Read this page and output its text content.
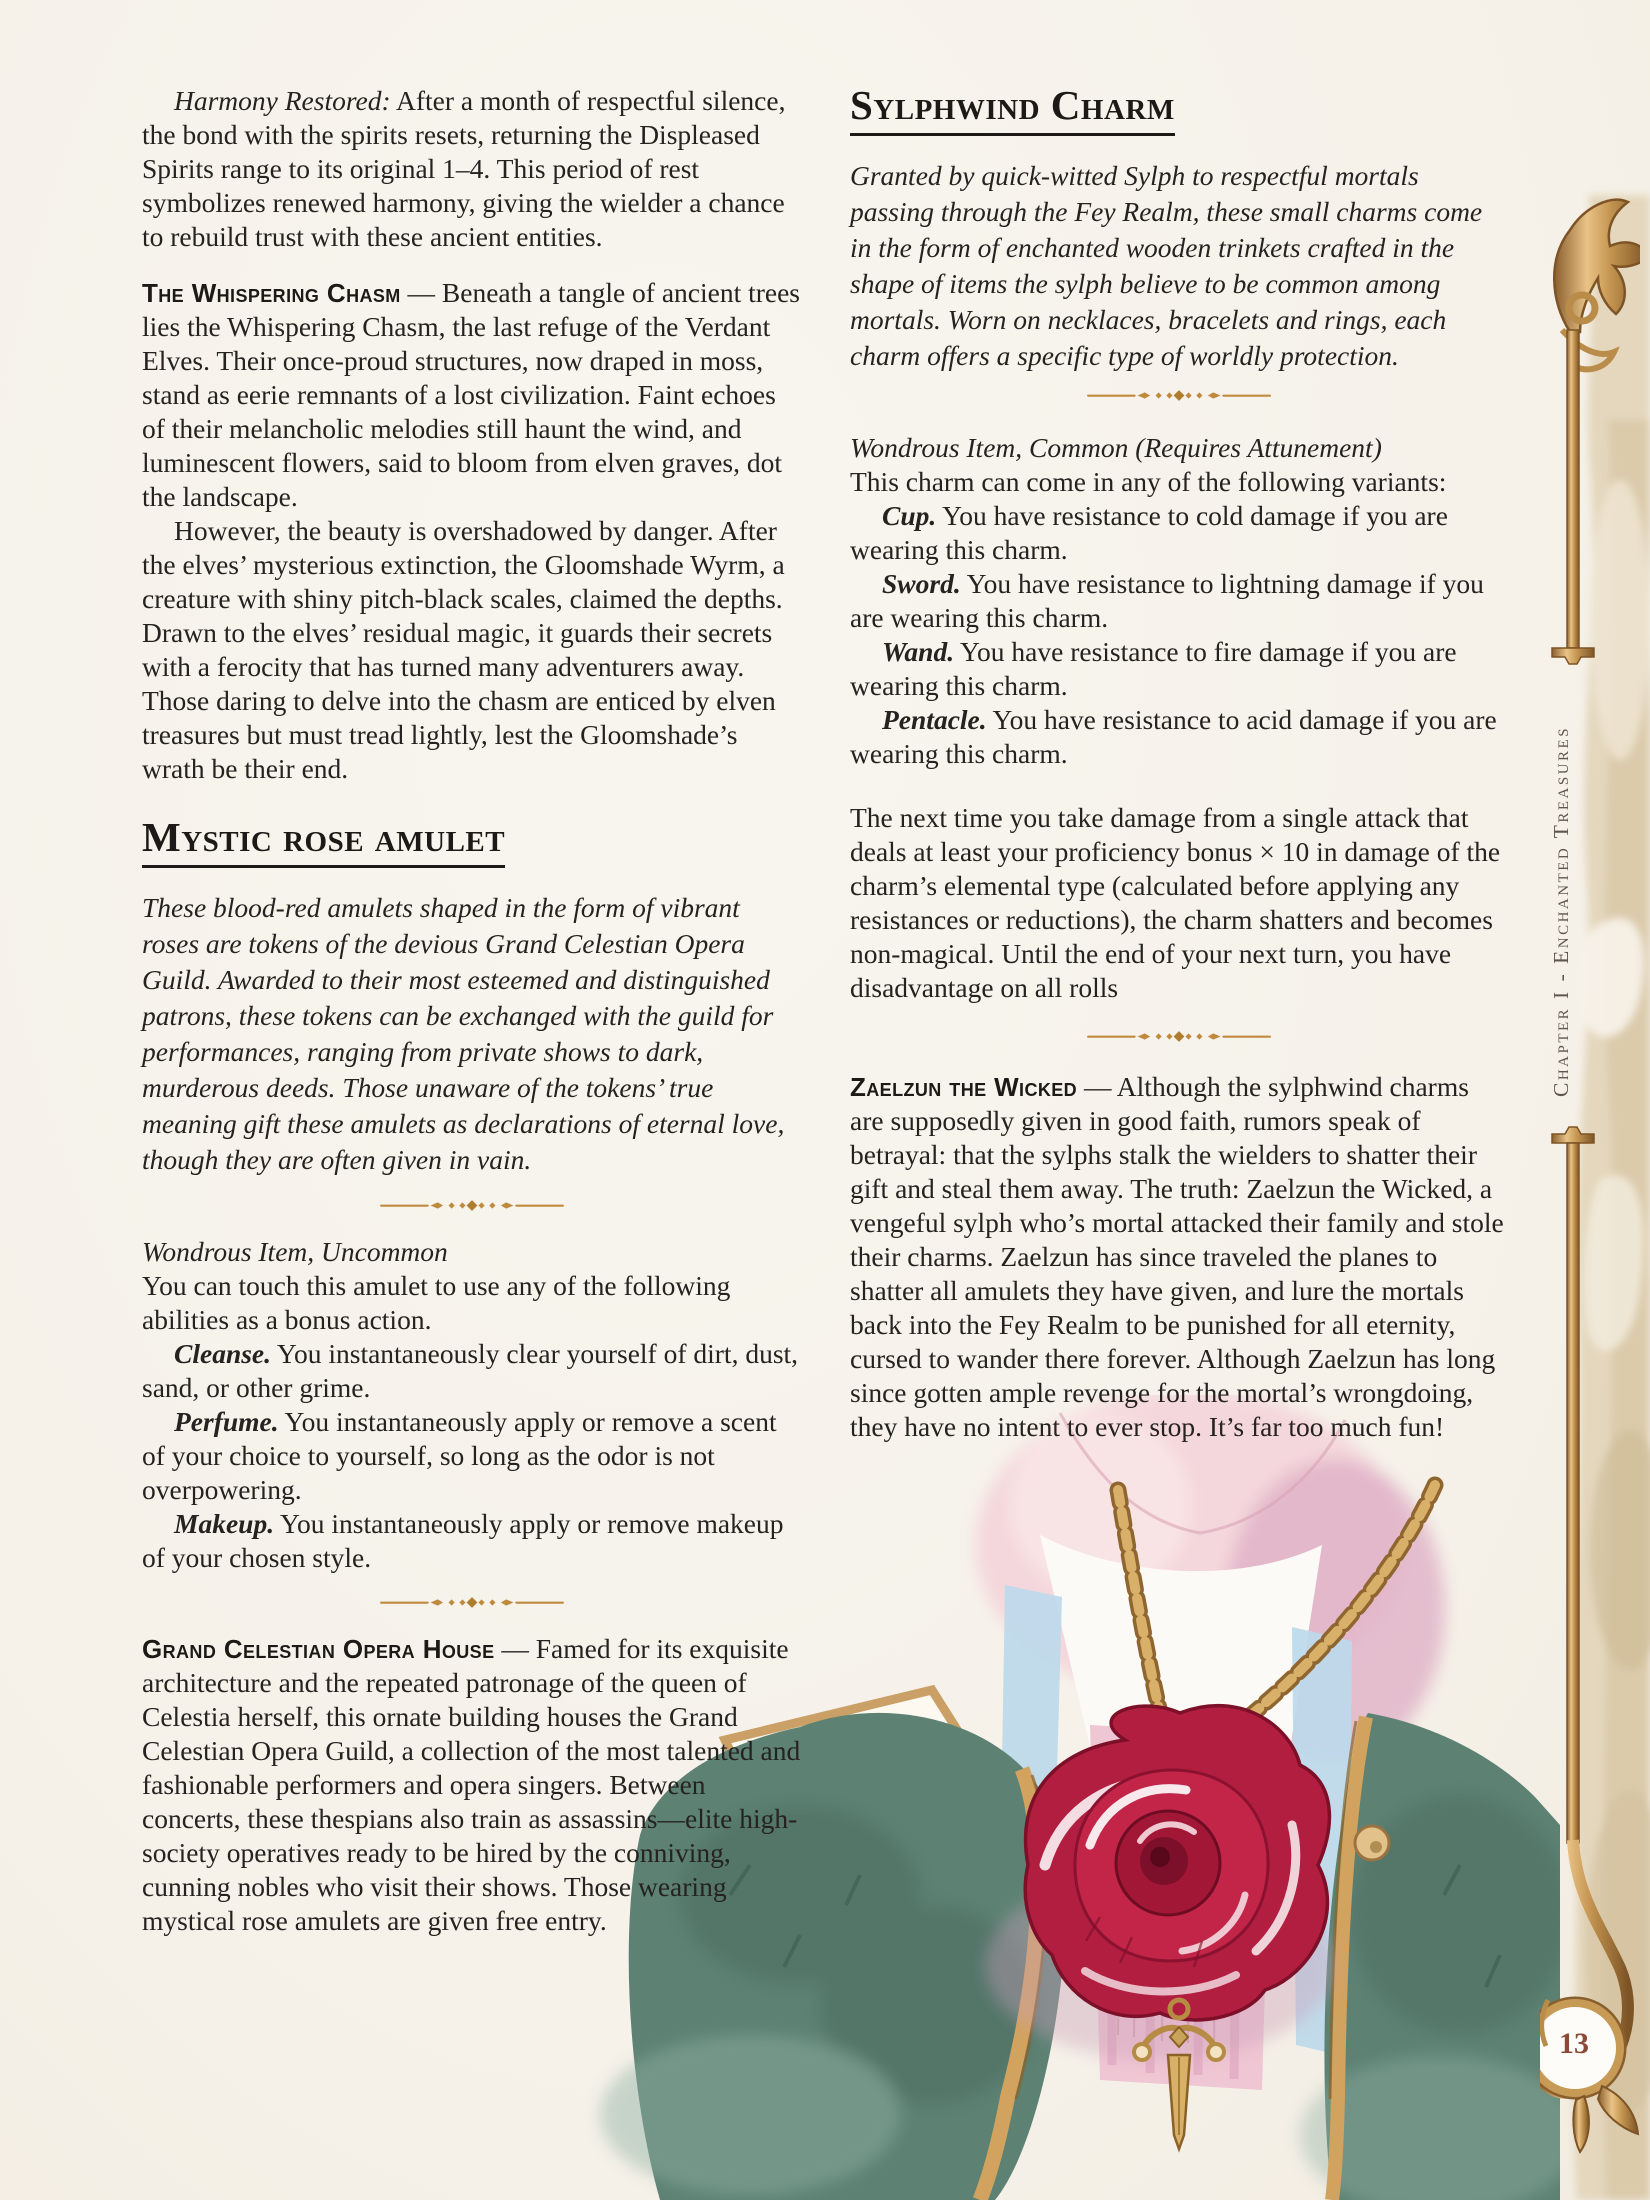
Chapter I - Enchanted Treasures
13

Harmony Restored: After a month of respectful silence, the bond with the spirits resets, returning the Displeased Spirits range to its original 1–4. This period of rest symbolizes renewed harmony, giving the wielder a chance to rebuild trust with these ancient entities.

The Whispering Chasm — Beneath a tangle of ancient trees lies the Whispering Chasm, the last refuge of the Verdant Elves. Their once-proud structures, now draped in moss, stand as eerie remnants of a lost civilization. Faint echoes of their melancholic melodies still haunt the wind, and luminescent flowers, said to bloom from elven graves, dot the landscape.

However, the beauty is overshadowed by danger. After the elves’ mysterious extinction, the Gloomshade Wyrm, a creature with shiny pitch-black scales, claimed the depths. Drawn to the elves’ residual magic, it guards their secrets with a ferocity that has turned many adventurers away. Those daring to delve into the chasm are enticed by elven treasures but must tread lightly, lest the Gloomshade’s wrath be their end.

Mystic rose amulet

These blood-red amulets shaped in the form of vibrant roses are tokens of the devious Grand Celestian Opera Guild. Awarded to their most esteemed and distinguished patrons, these tokens can be exchanged with the guild for performances, ranging from private shows to dark, murderous deeds. Those unaware of the tokens’ true meaning gift these amulets as declarations of eternal love, though they are often given in vain.

Wondrous Item, Uncommon

You can touch this amulet to use any of the following abilities as a bonus action.

Cleanse. You instantaneously clear yourself of dirt, dust, sand, or other grime.

Perfume. You instantaneously apply or remove a scent of your choice to yourself, so long as the odor is not overpowering.

Makeup. You instantaneously apply or remove makeup of your chosen style.

Grand Celestian Opera House — Famed for its exquisite architecture and the repeated patronage of the queen of Celestia herself, this ornate building houses the Grand Celestian Opera Guild, a collection of the most talented and fashionable performers and opera singers. Between concerts, these thespians also train as assassins—elite high-society operatives ready to be hired by the conniving, cunning nobles who visit their shows. Those wearing mystical rose amulets are given free entry.

Sylphwind Charm

Granted by quick-witted Sylph to respectful mortals passing through the Fey Realm, these small charms come in the form of enchanted wooden trinkets crafted in the shape of items the sylph believe to be common among mortals. Worn on necklaces, bracelets and rings, each charm offers a specific type of worldly protection.

Wondrous Item, Common (Requires Attunement)

This charm can come in any of the following variants:

Cup. You have resistance to cold damage if you are wearing this charm.

Sword. You have resistance to lightning damage if you are wearing this charm.

Wand. You have resistance to fire damage if you are wearing this charm.

Pentacle. You have resistance to acid damage if you are wearing this charm.

The next time you take damage from a single attack that deals at least your proficiency bonus × 10 in damage of the charm’s elemental type (calculated before applying any resistances or reductions), the charm shatters and becomes non-magical. Until the end of your next turn, you have disadvantage on all rolls

Zaelzun the Wicked — Although the sylphwind charms are supposedly given in good faith, rumors speak of betrayal: that the sylphs stalk the wielders to shatter their gift and steal them away. The truth: Zaelzun the Wicked, a vengeful sylph who’s mortal attacked their family and stole their charms. Zaelzun has since traveled the planes to shatter all amulets they have given, and lure the mortals back into the Fey Realm to be punished for all eternity, cursed to wander there forever. Although Zaelzun has long since gotten ample revenge for the mortal’s wrongdoing, they have no intent to ever stop. It’s far too much fun!
